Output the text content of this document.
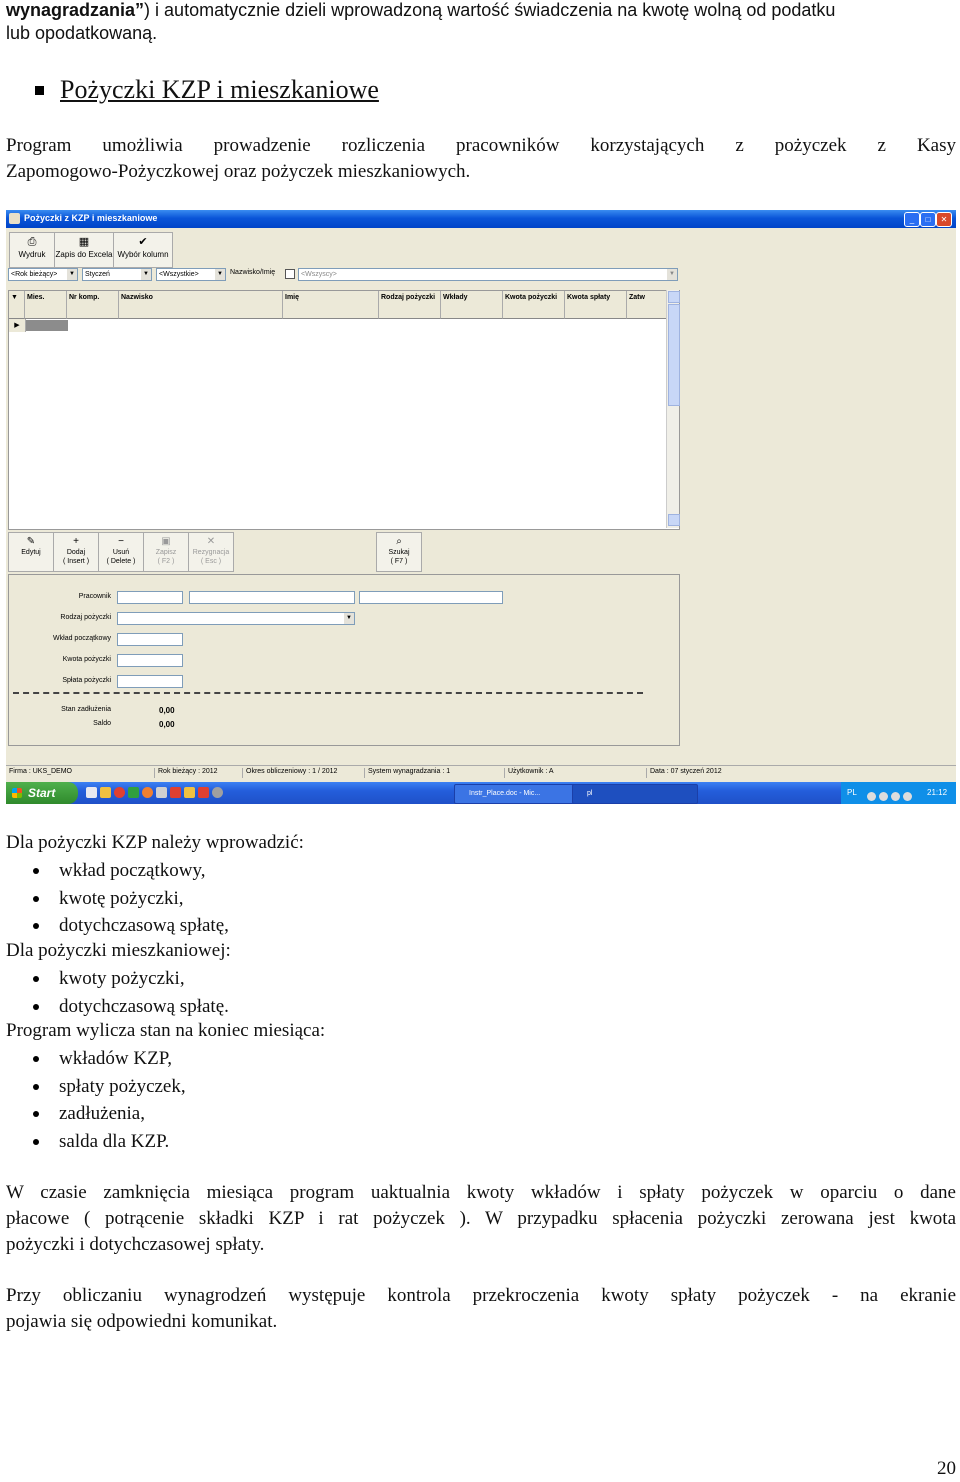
wynagradzania”) i automatycznie dzieli wprowadzoną wartość świadczenia na kwotę wolną od podatku
lub opodatkowaną.
Pożyczki KZP i mieszkaniowe
Program umożliwia prowadzenie rozliczenia pracowników korzystających z pożyczek z Kasy
Zapomogowo-Pożyczkowej oraz pożyczek mieszkaniowych.
Pożyczki z KZP i mieszkaniowe	_	□	✕
⎙
Wydruk
▦
Zapis do Excela
✔
Wybór kolumn
<Rok bieżący>	▼	Styczeń	▼	<Wszystkie>	▼ Nazwisko/Imię	<Wszyscy>	▼
▼	Mies.	Nr komp.	Nazwisko	Imię	Rodzaj pożyczki	Wkłady	Kwota pożyczki	Kwota spłaty	Zatw
▶
✎
Edytuj
+
Dodaj
( Insert )
−
Usuń
( Delete )
▣
Zapisz
( F2 )
✕
Rezygnacja
( Esc )
⌕
Szukaj
( F7 )
Pracownik
Rodzaj pożyczki	▼
Wkład początkowy
Kwota pożyczki
Spłata pożyczki
Stan zadłużenia	0,00
Saldo	0,00
Firma : UKS_DEMO	Rok bieżący : 2012	Okres obliczeniowy : 1 / 2012	System wynagradzania : 1	Użytkownik : A	Data : 07 styczeń 2012
Start	Instr_Place.doc - Mic...	pl	PL	21:12
Dla pożyczki KZP należy wprowadzić:
wkład początkowy,
kwotę pożyczki,
dotychczasową spłatę,
Dla pożyczki mieszkaniowej:
kwoty pożyczki,
dotychczasową spłatę.
Program wylicza stan na koniec miesiąca:
wkładów KZP,
spłaty pożyczek,
zadłużenia,
salda dla KZP.
W czasie zamknięcia miesiąca program uaktualnia kwoty wkładów i spłaty pożyczek w oparciu o dane
płacowe ( potrącenie składki KZP i rat pożyczek ). W przypadku spłacenia pożyczki zerowana jest kwota
pożyczki i dotychczasowej spłaty.
Przy obliczaniu wynagrodzeń występuje kontrola przekroczenia kwoty spłaty pożyczek - na ekranie
pojawia się odpowiedni komunikat.
20
